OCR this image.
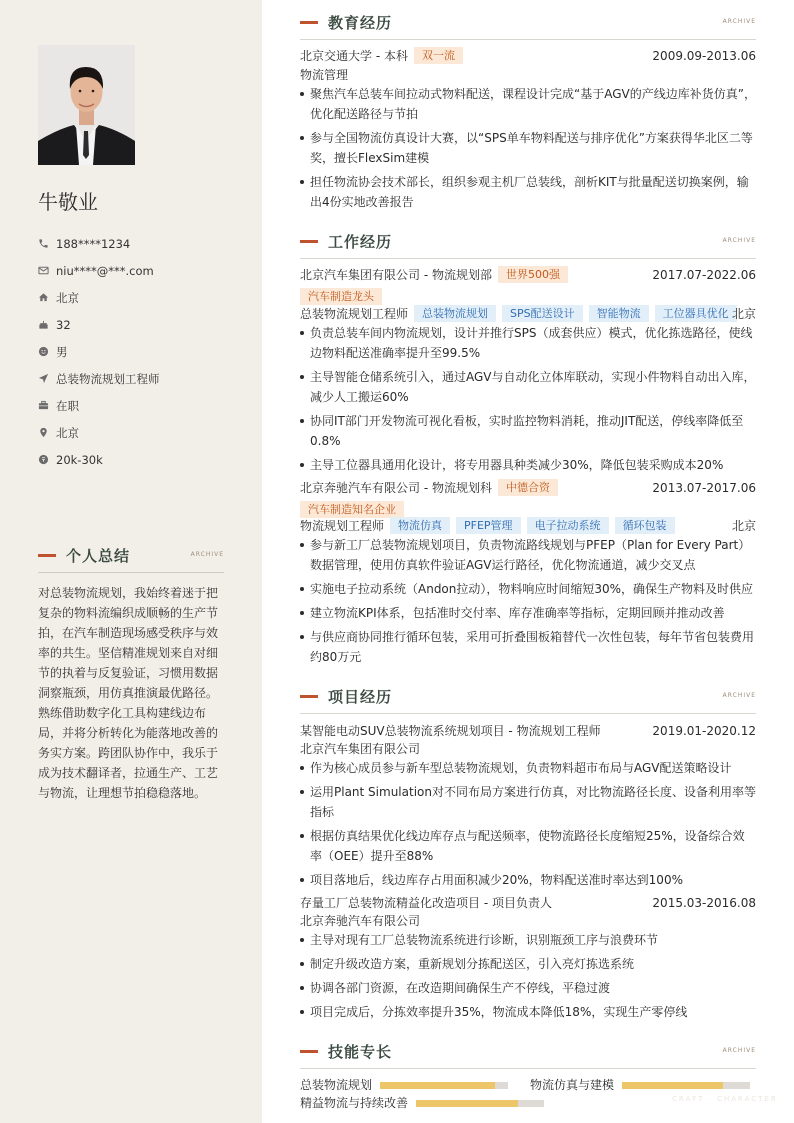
牛敬业
188****1234
niu****@***.com
北京
32
男
总装物流规划工程师
在职
北京
20k-30k
个人总结	ARCHIVE
对总装物流规划，我始终着迷于把复杂的物料流编织成顺畅的生产节拍，在汽车制造现场感受秩序与效率的共生。坚信精准规划来自对细节的执着与反复验证，习惯用数据洞察瓶颈，用仿真推演最优路径。熟练借助数字化工具构建线边布局，并将分析转化为能落地改善的务实方案。跨团队协作中，我乐于成为技术翻译者，拉通生产、工艺与物流，让理想节拍稳稳落地。
教育经历	ARCHIVE
北京交通大学 - 本科 双一流	2009.09-2013.06
物流管理
聚焦汽车总装车间拉动式物料配送，课程设计完成“基于AGV的产线边库补货仿真”，优化配送路径与节拍
参与全国物流仿真设计大赛，以“SPS单车物料配送与排序优化”方案获得华北区二等奖，擅长FlexSim建模
担任物流协会技术部长，组织参观主机厂总装线，剖析KIT与批量配送切换案例，输出4份实地改善报告
工作经历	ARCHIVE
北京汽车集团有限公司 - 物流规划部 世界500强	2017.07-2022.06
汽车制造龙头
总装物流规划工程师 总装物流规划 SPS配送设计 智能物流 工位器具优化 北京
负责总装车间内物流规划，设计并推行SPS（成套供应）模式，优化拣选路径，使线边物料配送准确率提升至99.5%
主导智能仓储系统引入，通过AGV与自动化立体库联动，实现小件物料自动出入库，减少人工搬运60%
协同IT部门开发物流可视化看板，实时监控物料消耗，推动JIT配送，停线率降低至0.8%
主导工位器具通用化设计，将专用器具种类减少30%，降低包装采购成本20%
北京奔驰汽车有限公司 - 物流规划科 中德合资	2013.07-2017.06
汽车制造知名企业
物流规划工程师 物流仿真 PFEP管理 电子拉动系统 循环包装	北京
参与新工厂总装物流规划项目，负责物流路线规划与PFEP（Plan for Every Part）数据管理，使用仿真软件验证AGV运行路径，优化物流通道，减少交叉点
实施电子拉动系统（Andon拉动），物料响应时间缩短30%，确保生产物料及时供应
建立物流KPI体系，包括准时交付率、库存准确率等指标，定期回顾并推动改善
与供应商协同推行循环包装，采用可折叠围板箱替代一次性包装，每年节省包装费用约80万元
项目经历	ARCHIVE
某智能电动SUV总装物流系统规划项目 - 物流规划工程师	2019.01-2020.12
北京汽车集团有限公司
作为核心成员参与新车型总装物流规划，负责物料超市布局与AGV配送策略设计
运用Plant Simulation对不同布局方案进行仿真，对比物流路径长度、设备利用率等指标
根据仿真结果优化线边库存点与配送频率，使物流路径长度缩短25%，设备综合效率（OEE）提升至88%
项目落地后，线边库存占用面积减少20%，物料配送准时率达到100%
存量工厂总装物流精益化改造项目 - 项目负责人	2015.03-2016.08
北京奔驰汽车有限公司
主导对现有工厂总装物流系统进行诊断，识别瓶颈工序与浪费环节
制定升级改造方案，重新规划分拣配送区，引入亮灯拣选系统
协调各部门资源，在改造期间确保生产不停线，平稳过渡
项目完成后，分拣效率提升35%，物流成本降低18%，实现生产零停线
技能专长	ARCHIVE
总装物流规划	物流仿真与建模
精益物流与持续改善	CRAFT · CHARACTER
